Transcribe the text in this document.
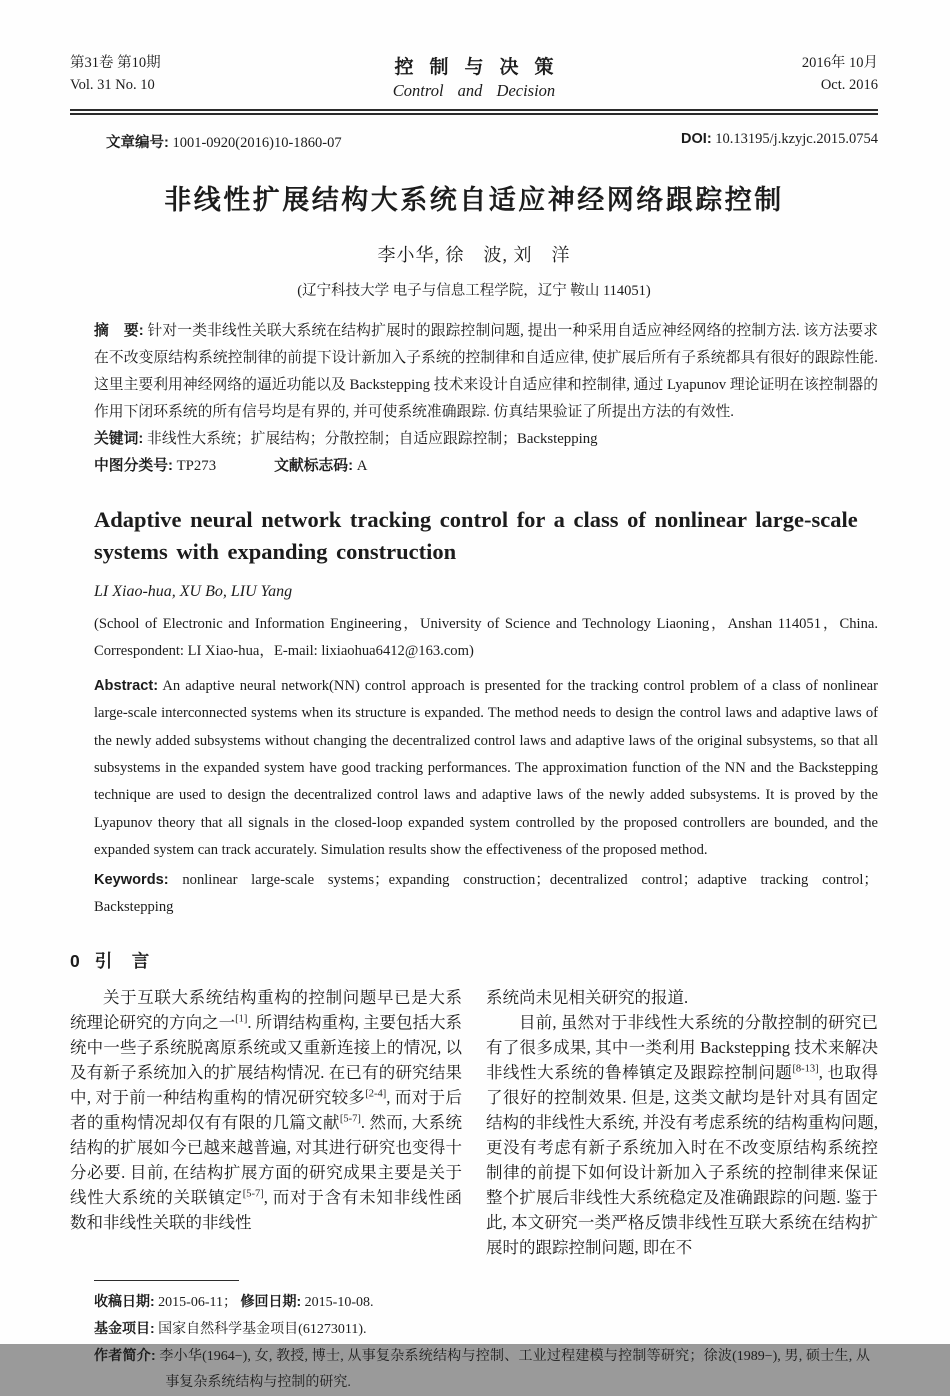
第31卷 第10期
Vol. 31 No. 10
控制与决策
Control and Decision
2016年 10月
Oct. 2016
文章编号: 1001-0920(2016)10-1860-07	DOI: 10.13195/j.kzyjc.2015.0754
非线性扩展结构大系统自适应神经网络跟踪控制
李小华, 徐　波, 刘　洋
(辽宁科技大学 电子与信息工程学院，辽宁 鞍山 114051)

摘　要: 针对一类非线性关联大系统在结构扩展时的跟踪控制问题, 提出一种采用自适应神经网络的控制方法. 该方法要求在不改变原结构系统控制律的前提下设计新加入子系统的控制律和自适应律, 使扩展后所有子系统都具有很好的跟踪性能. 这里主要利用神经网络的逼近功能以及 Backstepping 技术来设计自适应律和控制律, 通过 Lyapunov 理论证明在该控制器的作用下闭环系统的所有信号均是有界的, 并可使系统准确跟踪. 仿真结果验证了所提出方法的有效性.

关键词: 非线性大系统；扩展结构；分散控制；自适应跟踪控制；Backstepping

中图分类号: TP273	文献标志码: A

Adaptive neural network tracking control for a class of nonlinear large-scale systems with expanding construction
LI Xiao-hua, XU Bo, LIU Yang
(School of Electronic and Information Engineering，University of Science and Technology Liaoning，Anshan 114051，China. Correspondent: LI Xiao-hua，E-mail: lixiaohua6412@163.com)

Abstract: An adaptive neural network(NN) control approach is presented for the tracking control problem of a class of nonlinear large-scale interconnected systems when its structure is expanded. The method needs to design the control laws and adaptive laws of the newly added subsystems without changing the decentralized control laws and adaptive laws of the original subsystems, so that all subsystems in the expanded system have good tracking performances. The approximation function of the NN and the Backstepping technique are used to design the decentralized control laws and adaptive laws of the newly added subsystems. It is proved by the Lyapunov theory that all signals in the closed-loop expanded system controlled by the proposed controllers are bounded, and the expanded system can track accurately. Simulation results show the effectiveness of the proposed method.

Keywords: nonlinear large-scale systems；expanding construction；decentralized control；adaptive tracking control；Backstepping

0 引　言

关于互联大系统结构重构的控制问题早已是大系统理论研究的方向之一[1]. 所谓结构重构, 主要包括大系统中一些子系统脱离原系统或又重新连接上的情况, 以及有新子系统加入的扩展结构情况. 在已有的研究结果中, 对于前一种结构重构的情况研究较多[2-4], 而对于后者的重构情况却仅有有限的几篇文献[5-7]. 然而, 大系统结构的扩展如今已越来越普遍, 对其进行研究也变得十分必要. 目前, 在结构扩展方面的研究成果主要是关于线性大系统的关联镇定[5-7], 而对于含有未知非线性函数和非线性关联的非线性

系统尚未见相关研究的报道.

目前, 虽然对于非线性大系统的分散控制的研究已有了很多成果, 其中一类利用 Backstepping 技术来解决非线性大系统的鲁棒镇定及跟踪控制问题[8-13], 也取得了很好的控制效果. 但是, 这类文献均是针对具有固定结构的非线性大系统, 并没有考虑系统的结构重构问题, 更没有考虑有新子系统加入时在不改变原结构系统控制律的前提下如何设计新加入子系统的控制律来保证整个扩展后非线性大系统稳定及准确跟踪的问题. 鉴于此, 本文研究一类严格反馈非线性互联大系统在结构扩展时的跟踪控制问题, 即在不

收稿日期: 2015-06-11； 修回日期: 2015-10-08.

基金项目: 国家自然科学基金项目(61273011).

作者简介: 李小华(1964−), 女, 教授, 博士, 从事复杂系统结构与控制、工业过程建模与控制等研究；徐波(1989−), 男, 硕士生, 从事复杂系统结构与控制的研究.
